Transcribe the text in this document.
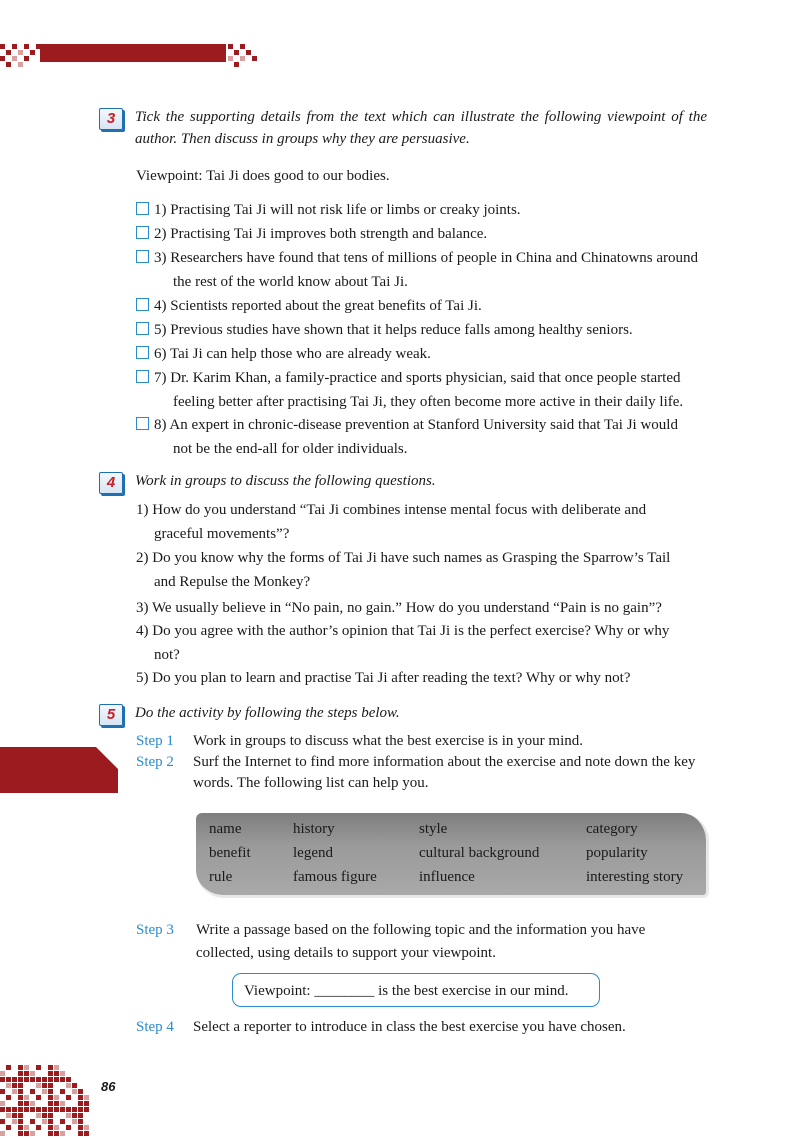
3	Tick the supporting details from the text which can illustrate the following viewpoint of the author. Then discuss in groups why they are persuasive.
Viewpoint: Tai Ji does good to our bodies.
1) Practising Tai Ji will not risk life or limbs or creaky joints.
2) Practising Tai Ji improves both strength and balance.
3) Researchers have found that tens of millions of people in China and Chinatowns around
the rest of the world know about Tai Ji.
4) Scientists reported about the great benefits of Tai Ji.
5) Previous studies have shown that it helps reduce falls among healthy seniors.
6) Tai Ji can help those who are already weak.
7) Dr. Karim Khan, a family-practice and sports physician, said that once people started
feeling better after practising Tai Ji, they often become more active in their daily life.
8) An expert in chronic-disease prevention at Stanford University said that Tai Ji would
not be the end-all for older individuals.
4	Work in groups to discuss the following questions.
1) How do you understand “Tai Ji combines intense mental focus with deliberate and
graceful movements”?
2) Do you know why the forms of Tai Ji have such names as Grasping the Sparrow’s Tail
and Repulse the Monkey?
3) We usually believe in “No pain, no gain.” How do you understand “Pain is no gain”?
4) Do you agree with the author’s opinion that Tai Ji is the perfect exercise? Why or why
not?
5) Do you plan to learn and practise Tai Ji after reading the text? Why or why not?
5	Do the activity by following the steps below.
Step 1 Work in groups to discuss what the best exercise is in your mind.
Step 2 Surf the Internet to find more information about the exercise and note down the key
words. The following list can help you.
name	history	style	category
benefit	legend	cultural background	popularity
rule	famous figure	influence	interesting story
Step 3 Write a passage based on the following topic and the information you have
collected, using details to support your viewpoint.
Viewpoint: ________ is the best exercise in our mind.
Step 4 Select a reporter to introduce in class the best exercise you have chosen.
86
